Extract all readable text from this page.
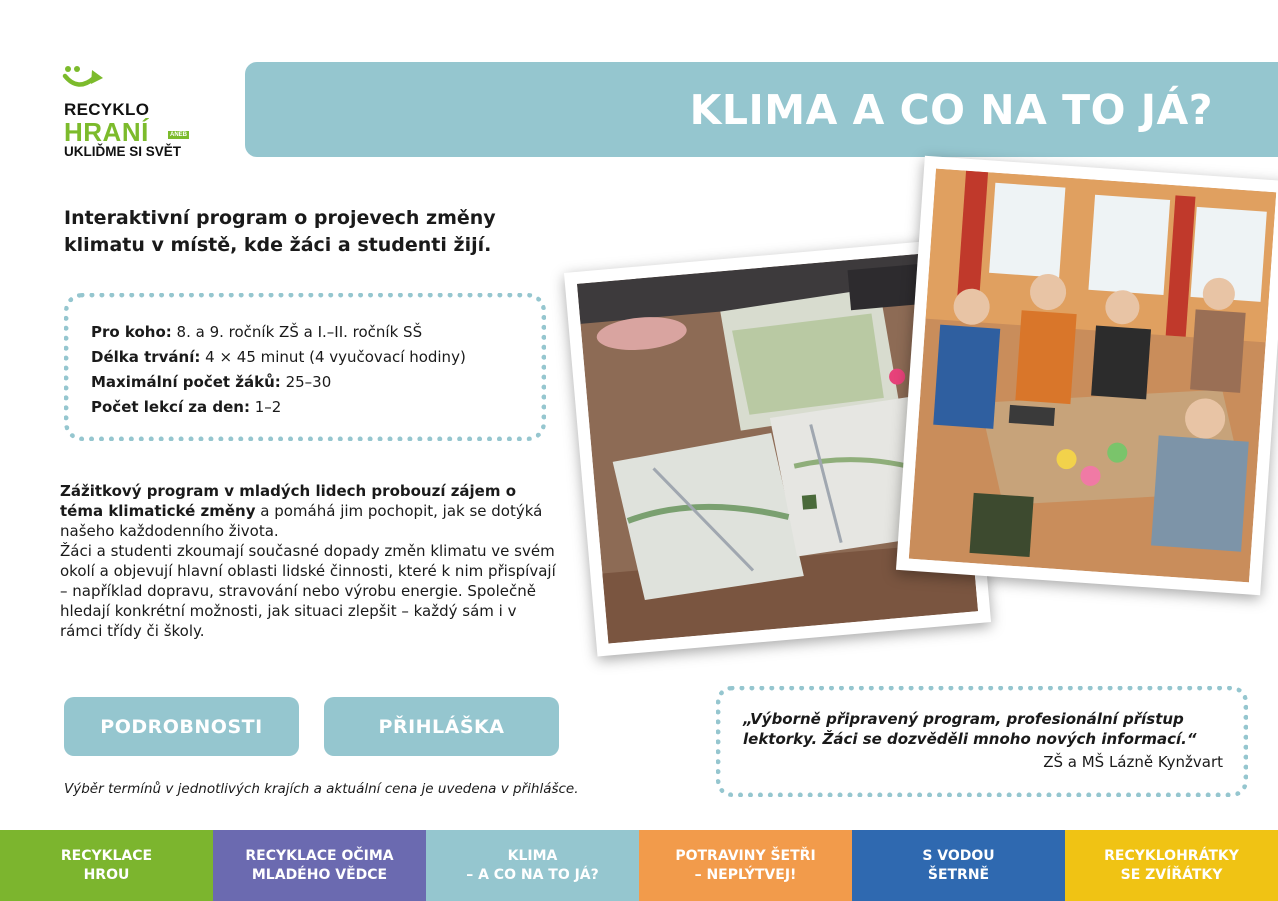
RECYKLO
HRANÍ	ANEB
UKLIĎME SI SVĚT
KLIMA A CO NA TO JÁ?
Interaktivní program o projevech změny klimatu v místě, kde žáci a studenti žijí.
Pro koho: 8. a 9. ročník ZŠ a I.–II. ročník SŠ
Délka trvání: 4 × 45 minut (4 vyučovací hodiny)
Maximální počet žáků: 25–30
Počet lekcí za den: 1–2
Zážitkový program v mladých lidech probouzí zájem o téma klimatické změny a pomáhá jim pochopit, jak se dotýká našeho každodenního života.
Žáci a studenti zkoumají současné dopady změn klimatu ve svém okolí a objevují hlavní oblasti lidské činnosti, které k nim přispívají – například dopravu, stravování nebo výrobu energie. Společně hledají konkrétní možnosti, jak situaci zlepšit – každý sám i v rámci třídy či školy.
PODROBNOSTI	PŘIHLÁŠKA
Výběr termínů v jednotlivých krajích a aktuální cena je uvedena v přihlášce.
„Výborně připravený program, profesionální přístup lektorky. Žáci se dozvěděli mnoho nových informací.“
ZŠ a MŠ Lázně Kynžvart
RECYKLACE
HROU
RECYKLACE OČIMA
MLADÉHO VĚDCE
KLIMA
– A CO NA TO JÁ?
POTRAVINY ŠETŘI
– NEPLÝTVEJ!
S VODOU
ŠETRNĚ
RECYKLOHRÁTKY
SE ZVÍŘÁTKY
